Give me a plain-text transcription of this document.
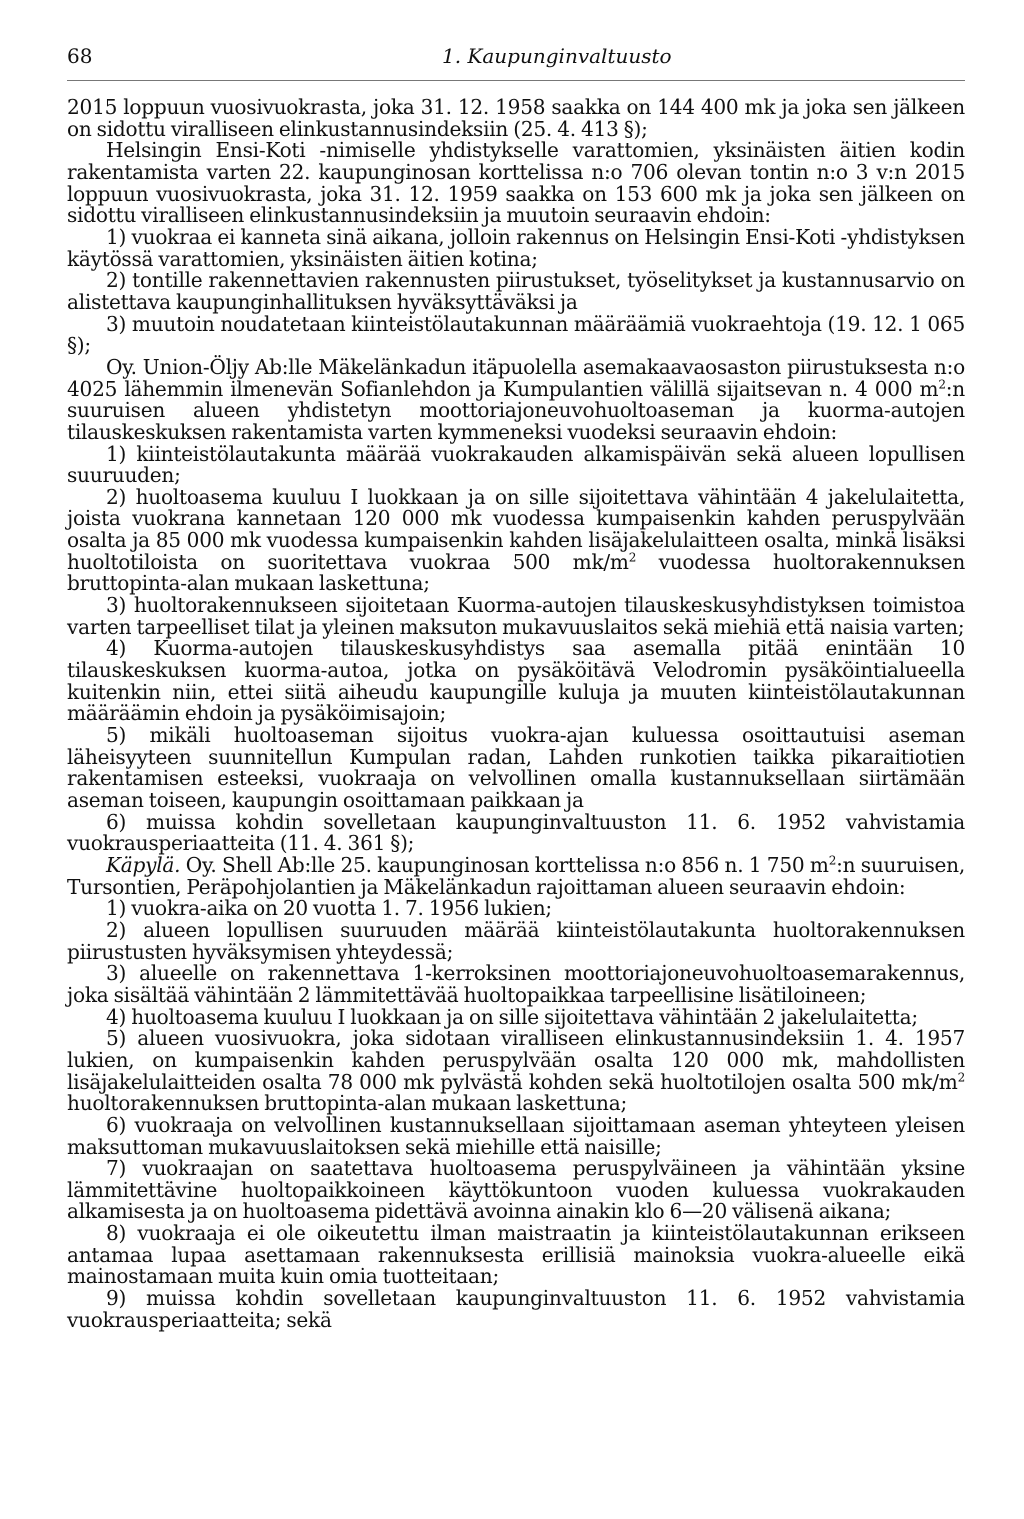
68	1. Kaupunginvaltuusto

2015 loppuun vuosivuokrasta, joka 31. 12. 1958 saakka on 144 400 mk ja joka sen jälkeen on sidottu viralliseen elinkustannusindeksiin (25. 4. 413 §);

Helsingin Ensi-Koti -nimiselle yhdistykselle varattomien, yksinäisten äitien kodin rakentamista varten 22. kaupunginosan korttelissa n:o 706 olevan tontin n:o 3 v:n 2015 loppuun vuosivuokrasta, joka 31. 12. 1959 saakka on 153 600 mk ja joka sen jälkeen on sidottu viralliseen elinkustannusindeksiin ja muutoin seuraavin ehdoin:

1) vuokraa ei kanneta sinä aikana, jolloin rakennus on Helsingin Ensi-Koti -yhdistyksen käytössä varattomien, yksinäisten äitien kotina;

2) tontille rakennettavien rakennusten piirustukset, työselitykset ja kustannusarvio on alistettava kaupunginhallituksen hyväksyttäväksi ja

3) muutoin noudatetaan kiinteistölautakunnan määräämiä vuokraehtoja (19. 12. 1 065 §);

Oy. Union-Öljy Ab:lle Mäkelänkadun itäpuolella asemakaavaosaston piirustuksesta n:o 4025 lähemmin ilmenevän Sofianlehdon ja Kumpulantien välillä sijaitsevan n. 4 000 $m^2:n$ suuruisen alueen yhdistetyn moottoriajoneuvohuoltoaseman ja kuorma-autojen tilauskeskuksen rakentamista varten kymmeneksi vuodeksi seuraavin ehdoin:

1) kiinteistölautakunta määrää vuokrakauden alkamispäivän sekä alueen lopullisen suuruuden;

2) huoltoasema kuuluu I luokkaan ja on sille sijoitettava vähintään 4 jakelulaitetta, joista vuokrana kannetaan 120 000 mk vuodessa kumpaisenkin kahden peruspylvään osalta ja 85 000 mk vuodessa kumpaisenkin kahden lisäjakelulaitteen osalta, minkä lisäksi huoltotiloista on suoritettava vuokraa 500 $mk/m^2$ vuodessa huoltorakennuksen bruttopinta-alan mukaan laskettuna;

3) huoltorakennukseen sijoitetaan Kuorma-autojen tilauskeskusyhdistyksen toimistoa varten tarpeelliset tilat ja yleinen maksuton mukavuuslaitos sekä miehiä että naisia varten;

4) Kuorma-autojen tilauskeskusyhdistys saa asemalla pitää enintään 10 tilauskeskuksen kuorma-autoa, jotka on pysäköitävä Velodromin pysäköintialueella kuitenkin niin, ettei siitä aiheudu kaupungille kuluja ja muuten kiinteistölautakunnan määräämin ehdoin ja pysäköimisajoin;

5) mikäli huoltoaseman sijoitus vuokra-ajan kuluessa osoittautuisi aseman läheisyyteen suunnitellun Kumpulan radan, Lahden runkotien taikka pikaraitiotien rakentamisen esteeksi, vuokraaja on velvollinen omalla kustannuksellaan siirtämään aseman toiseen, kaupungin osoittamaan paikkaan ja

6) muissa kohdin sovelletaan kaupunginvaltuuston 11. 6. 1952 vahvistamia vuokrausperiaatteita (11. 4. 361 §);

Käpylä. Oy. Shell Ab:lle 25. kaupunginosan korttelissa n:o 856 n. 1 750 $m^2:n$ suuruisen, Tursontien, Peräpohjolantien ja Mäkelänkadun rajoittaman alueen seuraavin ehdoin:

1) vuokra-aika on 20 vuotta 1. 7. 1956 lukien;

2) alueen lopullisen suuruuden määrää kiinteistölautakunta huoltorakennuksen piirustusten hyväksymisen yhteydessä;

3) alueelle on rakennettava 1-kerroksinen moottoriajoneuvohuoltoasemarakennus, joka sisältää vähintään 2 lämmitettävää huoltopaikkaa tarpeellisine lisätiloineen;

4) huoltoasema kuuluu I luokkaan ja on sille sijoitettava vähintään 2 jakelulaitetta;

5) alueen vuosivuokra, joka sidotaan viralliseen elinkustannusindeksiin 1. 4. 1957 lukien, on kumpaisenkin kahden peruspylvään osalta 120 000 mk, mahdollisten lisäjakelulaitteiden osalta 78 000 mk pylvästä kohden sekä huoltotilojen osalta 500 $mk/m^2$ huoltorakennuksen bruttopinta-alan mukaan laskettuna;

6) vuokraaja on velvollinen kustannuksellaan sijoittamaan aseman yhteyteen yleisen maksuttoman mukavuuslaitoksen sekä miehille että naisille;

7) vuokraajan on saatettava huoltoasema peruspylväineen ja vähintään yksine lämmitettävine huoltopaikkoineen käyttökuntoon vuoden kuluessa vuokrakauden alkamisesta ja on huoltoasema pidettävä avoinna ainakin klo 6—20 välisenä aikana;

8) vuokraaja ei ole oikeutettu ilman maistraatin ja kiinteistölautakunnan erikseen antamaa lupaa asettamaan rakennuksesta erillisiä mainoksia vuokra-alueelle eikä mainostamaan muita kuin omia tuotteitaan;

9) muissa kohdin sovelletaan kaupunginvaltuuston 11. 6. 1952 vahvistamia vuokrausperiaatteita; sekä
